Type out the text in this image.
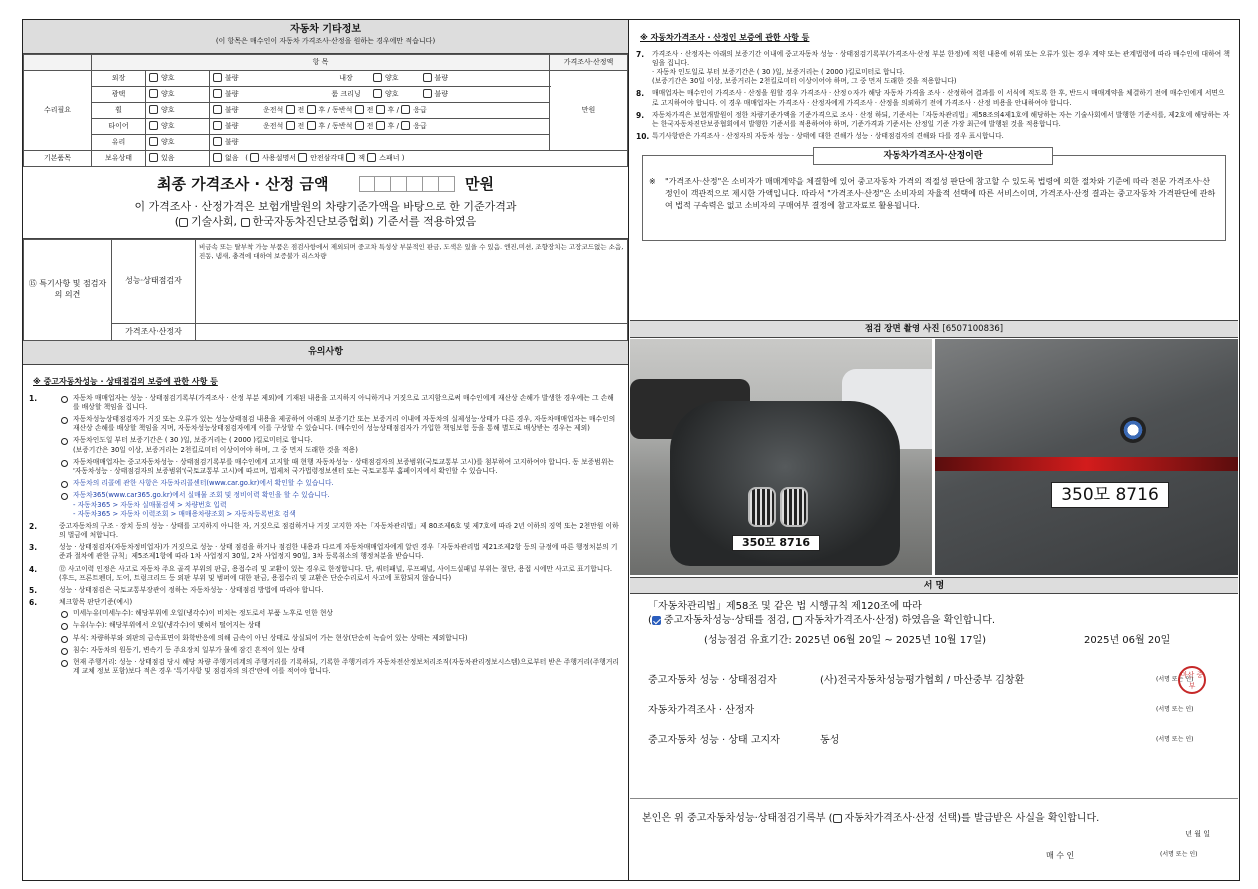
자동차 기타정보
(이 항목은 매수인이 자동차 가격조사·산정을 원하는 경우에만 적습니다)
	항 목			가격조사·산정액
수리필요	외장	양호	불량 내장 양호 불량	만원
	광택	양호	불량 룸 크리닝 양호 불량	
	휠	양호	불량 운전석 전 후 / 동반석 전 후 / 응급	
	타이어	양호	불량 운전석 전 후 / 동반석 전 후 / 응급	
	유리	양호	불량	
기본품목	보유상태	있음	없음   ( 사용설명서 안전삼각대 잭 스패너 )	
최종 가격조사 · 산정 금액	만원
이 가격조사 · 산정가격은 보험개발원의 차량기준가액을 바탕으로 한 기준가격과
( 기술사회, 한국자동차진단보증협회) 기준서를 적용하였음
⑮ 특기사항 및 점검자의 의견	성능·상태점검자	비금속 또는 탈부착 가능 부품은 점검사항에서 제외되며 중고차 특성상 부분적인 판금, 도색은 있을 수 있음. 엔진,미션, 조향장치는 고장코드없는 소음, 진동, 냄새, 충격에 대하여 보증불가 리스차량
	가격조사·산정자	
유의사항
※ 중고자동차성능 · 상태점검의 보증에 관한 사항 등
1.	자동차 매매업자는 성능 · 상태점검기록부(가격조사 · 산정 부분 제외)에 기재된 내용을 고지하지 아니하거나 거짓으로 고지함으로써 매수인에게 재산상 손해가 발생한 경우에는 그 손해를 배상할 책임을 집니다.
자동차성능상태점검자가 거짓 또는 오류가 있는 성능상태점검 내용을 제공하여 아래의 보증기간 또는 보증거리 이내에 자동차의 실제성능·상태가 다른 경우, 자동차매매업자는 매수인의 재산상 손해를 배상할 책임을 지며, 자동차성능상태점검자에게 이를 구상할 수 있습니다. (매수인이 성능상태점검자가 가입한 책임보험 등을 통해 별도로 배상받는 경우는 제외)
자동차인도일 부터 보증기간은 ( 30 )일, 보증거리는 ( 2000 )킬로미터로 합니다.
(보증기간은 30일 이상, 보증거리는 2천킬로미터 이상이어야 하며, 그 중 먼저 도래한 것을 적용)
자동차매매업자는 중고자동차성능 · 상태점검기록부를 매수인에게 고지할 때 현행 자동차성능 · 상태점검자의 보증범위(국토교통부 고시)를 첨부하여 고지하여야 합니다. 동 보증범위는 '자동차성능 · 상태점검자의 보증범위'(국토교통부 고시)에 따르며, 법제처 국가법령정보센터 또는 국토교통부 홈페이지에서 확인할 수 있습니다.
자동차의 리콜에 관한 사항은 자동차리콜센터(www.car.go.kr)에서 확인할 수 있습니다.
자동차365(www.car365.go.kr)에서 실매물 조회 및 정비이력 확인을 할 수 있습니다.
- 자동차365 > 자동차 실매물검색 > 차량번호 입력
- 자동차365 > 자동차 이력조회 > 매매용차량조회 > 자동차등록번호 검색
2.	중고자동차의 구조 · 장치 등의 성능 · 상태를 고지하지 아니한 자, 거짓으로 점검하거나 거짓 고지한 자는「자동차관리법」제 80조제6호 및 제7호에 따라 2년 이하의 징역 또는 2천만원 이하의 벌금에 처합니다.
3.	성능 · 상태점검자(자동차정비업자)가 거짓으로 성능 · 상태 점검을 하거나 점검한 내용과 다르게 자동차매매업자에게 알린 경우「자동차관리법 제21조제2항 등의 규정에 따른 행정처분의 기준과 절차에 관한 규칙」제5조제1항에 따라 1차 사업정지 30일, 2차 사업정지 90일, 3차 등록취소의 행정처분을 받습니다.
4.	⑫ 사고이력 인정은 사고로 자동차 주요 골격 부위의 판금, 용접수리 및 교환이 있는 경우로 한정합니다. 단, 쿼터패널, 루프패널, 사이드실패널 부위는 절단, 용접 시에만 사고로 표기합니다.
(후드, 프론트펜더, 도어, 트렁크리드 등 외판 부위 및 범퍼에 대한 판금, 용접수리 및 교환은 단순수리로서 사고에 포함되지 않습니다)
5.	성능 · 상태점검은 국토교통부장관이 정하는 자동차성능 · 상태점검 방법에 따라야 합니다.
6.	체크항목 판단기준(예시)
미세누유(미세누수): 해당부위에 오일(냉각수)이 비치는 정도로서 부품 노후로 인한 현상
누유(누수): 해당부위에서 오일(냉각수)이 맺혀서 떨어지는 상태
부식: 차량하부와 외판의 금속표면이 화학반응에 의해 금속이 아닌 상태로 상실되어 가는 현상(단순히 녹슬어 있는 상태는 제외합니다)
침수: 자동차의 원동기, 변속기 등 주요장치 일부가 물에 잠긴 흔적이 있는 상태
현재 주행거리: 성능 · 상태점검 당시 해당 차량 주행거리계의 주행거리를 기록하되, 기록한 주행거리가 자동차전산정보처리조직(자동차관리정보시스템)으로부터 받은 주행거리(주행거리계 교체 정보 포함)보다 적은 경우 '특기사항 및 점검자의 의견'란에 이를 적어야 합니다.
※ 자동차가격조사 · 산정인 보증에 관한 사항 등
7. 가격조사 · 산정자는 아래의 보증기간 이내에 중고자동차 성능 · 상태점검기록부(가격조사·산정 부분 한정)에 적힌 내용에 허위 또는 오류가 있는 경우 계약 또는 관계법령에 따라 매수인에 대하여 책임을 집니다.
· 자동차 인도일로 부터 보증기간은 ( 30 )일, 보증거리는 ( 2000 )킬로미터로 합니다.
(보증기간은 30일 이상, 보증거리는 2천킬로미터 이상이어야 하며, 그 중 먼저 도래한 것을 적용합니다)
8. 매매업자는 매수인이 가격조사 · 산정을 원할 경우 가격조사 · 산정ㅇ자가 해당 자동차 가격을 조사 · 산정하여 결과를 이 서식에 적도록 한 후, 반드시 매매계약을 체결하기 전에 매수인에게 서면으로 고지하여야 합니다. 이 경우 매매업자는 가격조사 · 산정자에게 가격조사 · 산정을 의뢰하기 전에 가격조사 · 산정 비용을 안내하여야 합니다.
9. 자동차가격은 보험개발원이 정한 차량기준가액을 기준가격으로 조사 · 산정 하되, 기준서는「자동차관리법」제58조의4제1호에 해당하는 자는 기술사회에서 발행한 기준서를, 제2호에 해당하는 자는 한국자동차진단보증협회에서 발행한 기준서를 적용하여야 하며, 기준가격과 기준서는 산정일 기준 가장 최근에 발행된 것을 적용합니다.
10. 특기사항란은 가격조사 · 산정자의 자동차 성능 · 상태에 대한 견해가 성능 · 상태점검자의 견해와 다를 경우 표시합니다.
자동차가격조사·산정이란
※ "가격조사·산정"은 소비자가 매매계약을 체결함에 있어 중고자동차 가격의 적절성 판단에 참고할 수 있도록 법령에 의한 절차와 기준에 따라 전문 가격조사·산정인이 객관적으로 제시한 가액입니다. 따라서 "가격조사·산정"은 소비자의 자율적 선택에 따른 서비스이며, 가격조사·산정 결과는 중고자동차 가격판단에 관하여 법적 구속력은 없고 소비자의 구매여부 결정에 참고자료로 활용됩니다.
점검 장면 촬영 사진 [6507100836]
350모 8716
350모 8716
서 명
「자동차관리법」제58조 및 같은 법 시행규칙 제120조에 따라
( 중고자동차성능·상태를 점검, 자동차가격조사·산정) 하였음을 확인합니다.
(성능점검 유효기간: 2025년 06월 20일 ~ 2025년 10월 17일)	2025년 06월 20일
중고자동차 성능 · 상태점검자	(사)전국자동차성능평가협회 / 마산중부 김창환	(서명 또는 인)
마산 중부
자동차가격조사 · 산정자	(서명 또는 인)
중고자동차 성능 · 상태 고지자	동성	(서명 또는 인)
본인은 위 중고자동차성능·상태점검기록부 ( 자동차가격조사·산정 선택)를 발급받은 사실을 확인합니다.
년 월 일
매 수 인	(서명 또는 인)
